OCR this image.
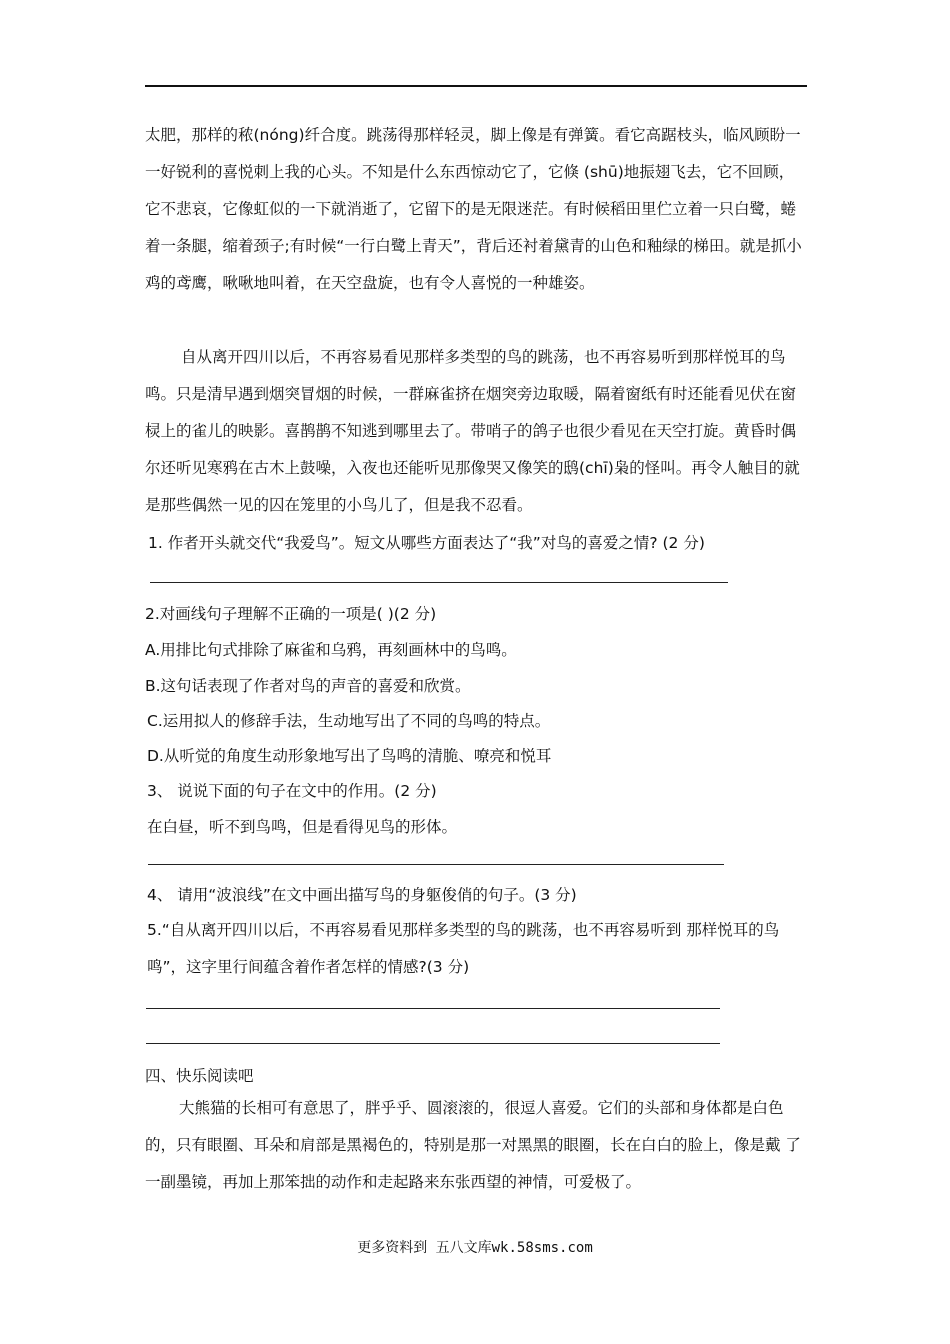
太肥，那样的秾(nóng)纤合度。跳荡得那样轻灵，脚上像是有弹簧。看它高踞枝头，临风顾盼一一好锐利的喜悦刺上我的心头。不知是什么东西惊动它了，它倏 (shū)地振翅飞去，它不回顾，它不悲哀，它像虹似的一下就消逝了，它留下的是无限迷茫。有时候稻田里伫立着一只白鹭，蜷着一条腿，缩着颈子;有时候“一行白鹭上青天”，背后还衬着黛青的山色和釉绿的梯田。就是抓小鸡的鸢鹰，啾啾地叫着，在天空盘旋，也有令人喜悦的一种雄姿。

自从离开四川以后，不再容易看见那样多类型的鸟的跳荡，也不再容易听到那样悦耳的鸟鸣。只是清早遇到烟突冒烟的时候，一群麻雀挤在烟突旁边取暖，隔着窗纸有时还能看见伏在窗棂上的雀儿的映影。喜鹊鹊不知逃到哪里去了。带哨子的鸽子也很少看见在天空打旋。黄昏时偶尔还听见寒鸦在古木上鼓噪，入夜也还能听见那像哭又像笑的鸱(chī)枭的怪叫。再令人触目的就是那些偶然一见的囚在笼里的小鸟儿了，但是我不忍看。

1. 作者开头就交代“我爱鸟”。短文从哪些方面表达了“我”对鸟的喜爱之情? (2 分)

2.对画线句子理解不正确的一项是( )(2 分)

A.用排比句式排除了麻雀和乌鸦，再刻画林中的鸟鸣。

B.这句话表现了作者对鸟的声音的喜爱和欣赏。

C.运用拟人的修辞手法，生动地写出了不同的鸟鸣的特点。

D.从听觉的角度生动形象地写出了鸟鸣的清脆、嘹亮和悦耳

3、 说说下面的句子在文中的作用。(2 分)

在白昼，听不到鸟鸣，但是看得见鸟的形体。

4、 请用“波浪线”在文中画出描写鸟的身躯俊俏的句子。(3 分)

5.“自从离开四川以后，不再容易看见那样多类型的鸟的跳荡，也不再容易听到 那样悦耳的鸟鸣”，这字里行间蕴含着作者怎样的情感?(3 分)

四、快乐阅读吧

大熊猫的长相可有意思了，胖乎乎、圆滚滚的，很逗人喜爱。它们的头部和身体都是白色 的，只有眼圈、耳朵和肩部是黑褐色的，特别是那一对黑黑的眼圈，长在白白的脸上，像是戴 了一副墨镜，再加上那笨拙的动作和走起路来东张西望的神情，可爱极了。

更多资料到 五八文库wk.58sms.com
